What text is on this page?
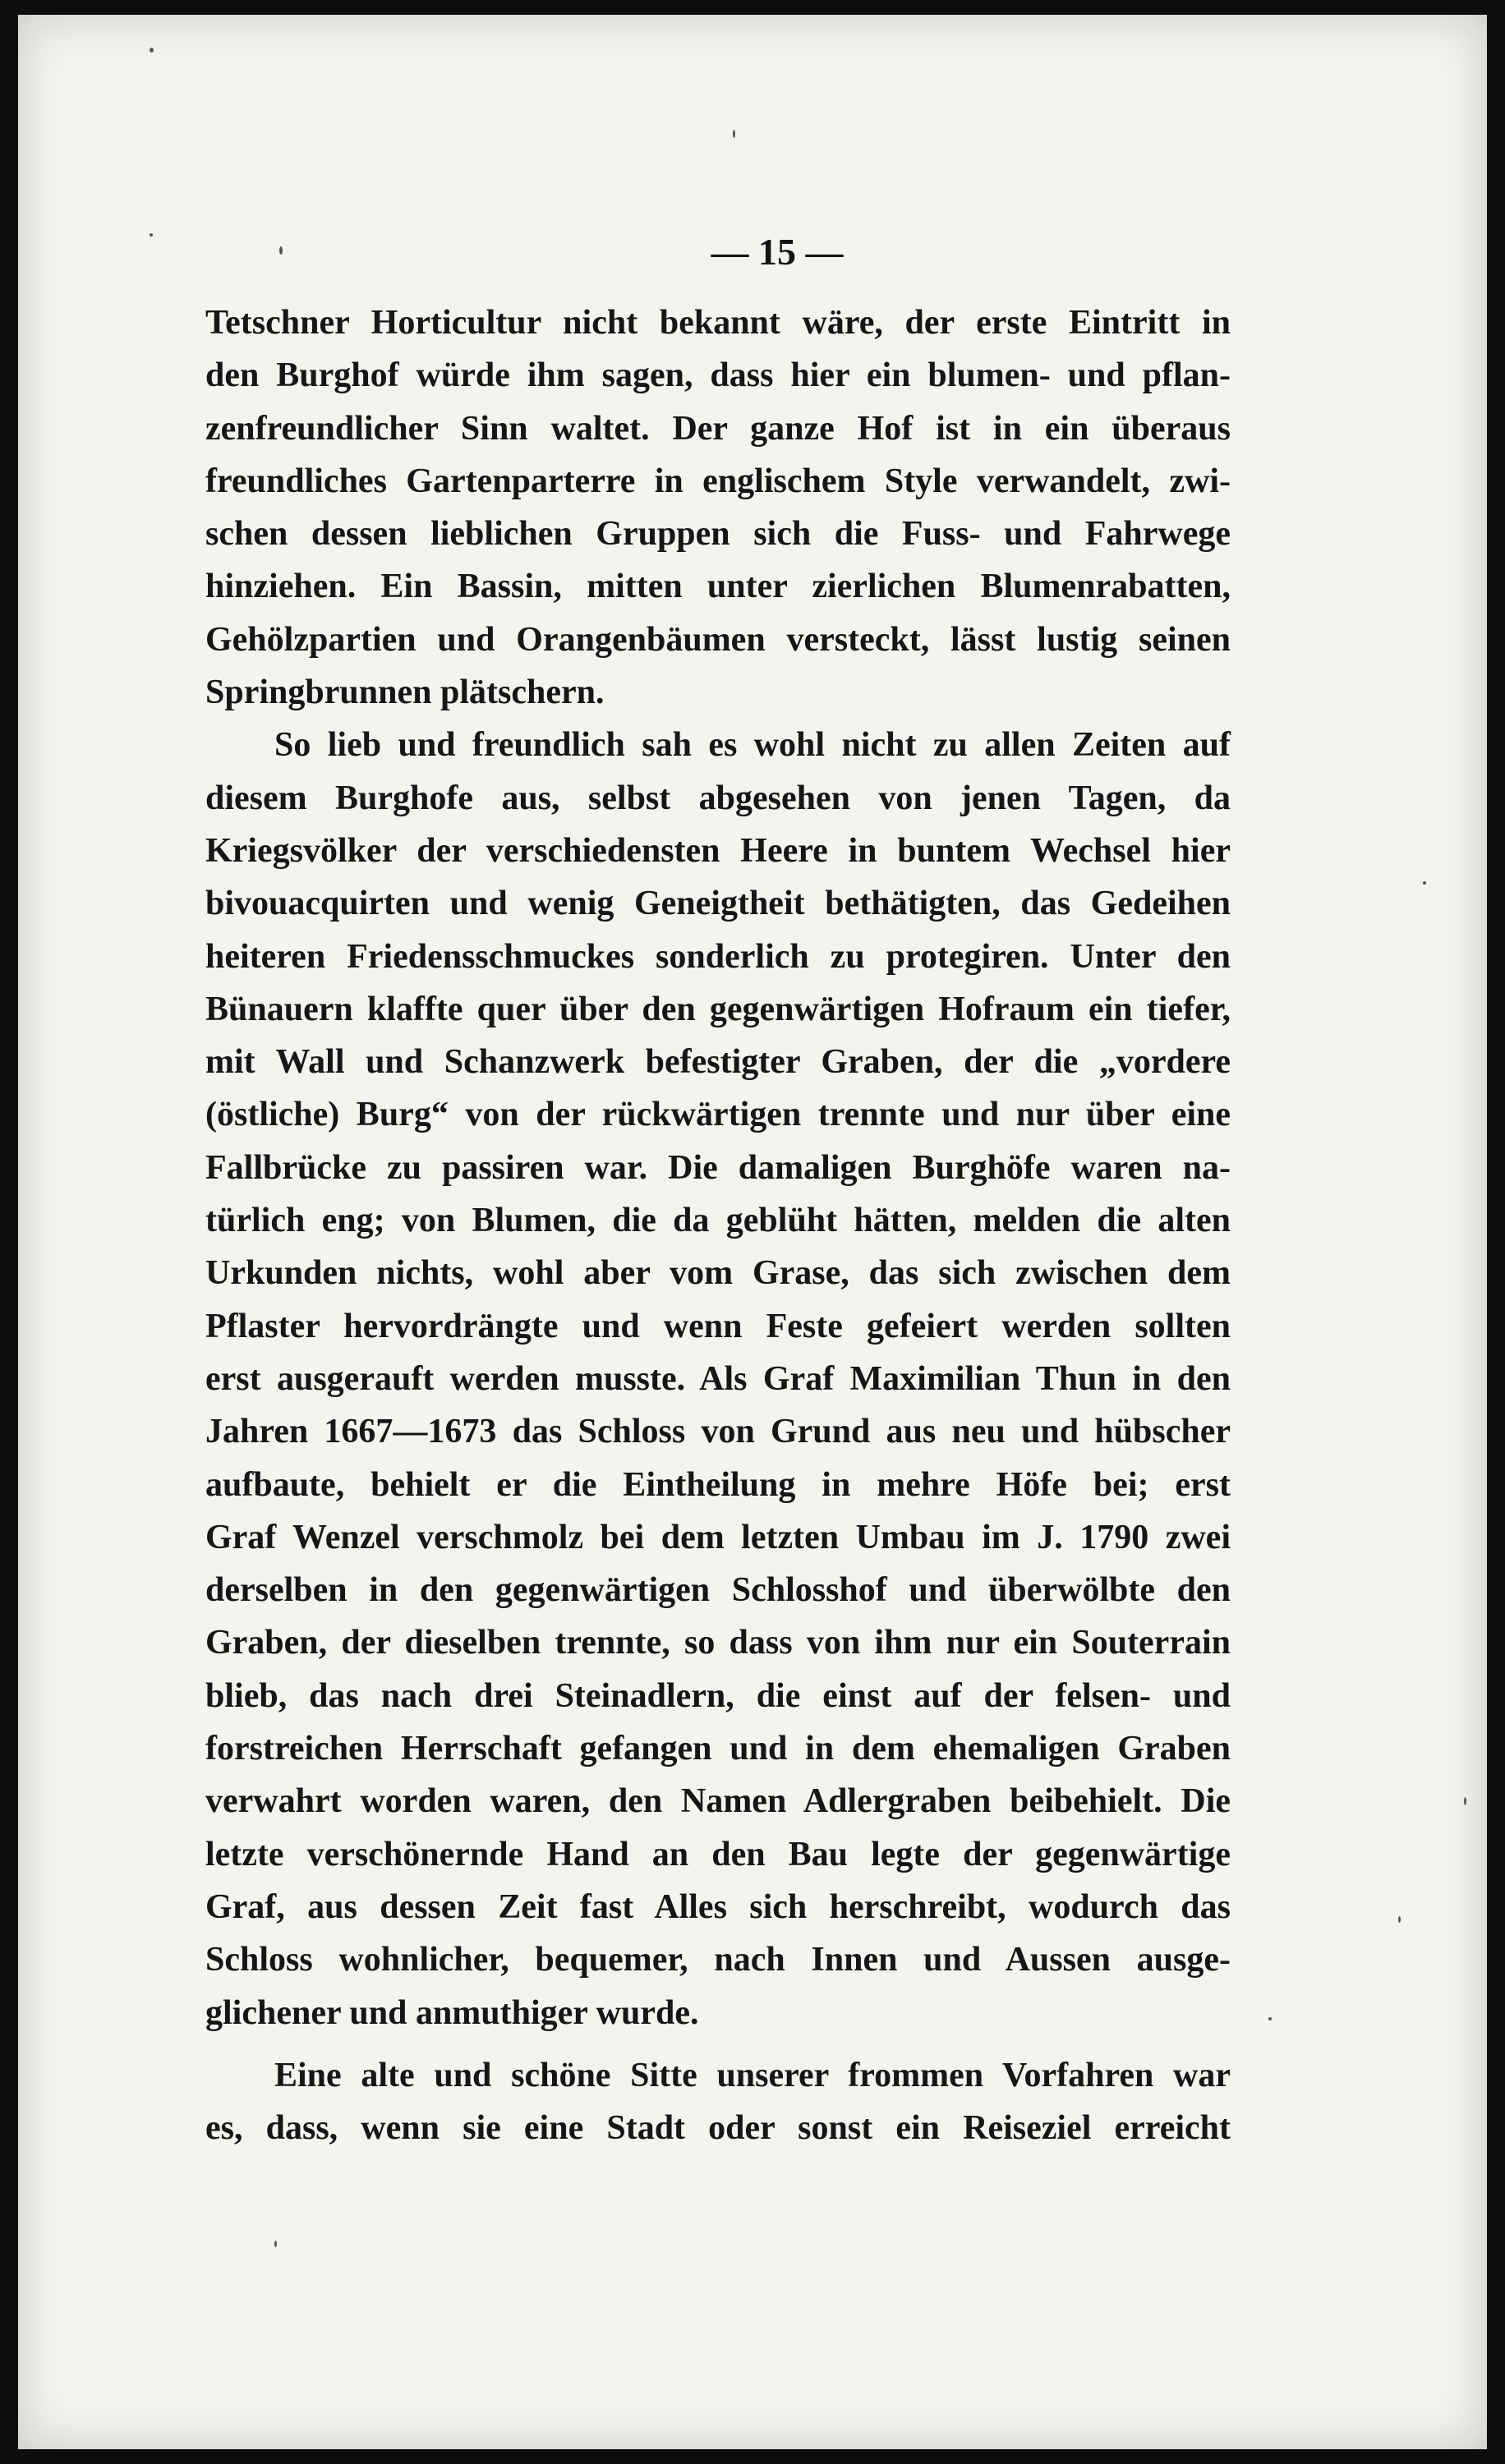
— 15 —
Tetschner Horticultur nicht bekannt wäre, der erste Eintritt in
den Burghof würde ihm sagen, dass hier ein blumen- und pflan-
zenfreundlicher Sinn waltet. Der ganze Hof ist in ein überaus
freundliches Gartenparterre in englischem Style verwandelt, zwi-
schen dessen lieblichen Gruppen sich die Fuss- und Fahrwege
hinziehen. Ein Bassin, mitten unter zierlichen Blumenrabatten,
Gehölzpartien und Orangenbäumen versteckt, lässt lustig seinen
Springbrunnen plätschern.
So lieb und freundlich sah es wohl nicht zu allen Zeiten auf
diesem Burghofe aus, selbst abgesehen von jenen Tagen, da
Kriegsvölker der verschiedensten Heere in buntem Wechsel hier
bivouacquirten und wenig Geneigtheit bethätigten, das Gedeihen
heiteren Friedensschmuckes sonderlich zu protegiren. Unter den
Bünauern klaffte quer über den gegenwärtigen Hofraum ein tiefer,
mit Wall und Schanzwerk befestigter Graben, der die „vordere
(östliche) Burg“ von der rückwärtigen trennte und nur über eine
Fallbrücke zu passiren war. Die damaligen Burghöfe waren na-
türlich eng; von Blumen, die da geblüht hätten, melden die alten
Urkunden nichts, wohl aber vom Grase, das sich zwischen dem
Pflaster hervordrängte und wenn Feste gefeiert werden sollten
erst ausgerauft werden musste. Als Graf Maximilian Thun in den
Jahren 1667—1673 das Schloss von Grund aus neu und hübscher
aufbaute, behielt er die Eintheilung in mehre Höfe bei; erst
Graf Wenzel verschmolz bei dem letzten Umbau im J. 1790 zwei
derselben in den gegenwärtigen Schlosshof und überwölbte den
Graben, der dieselben trennte, so dass von ihm nur ein Souterrain
blieb, das nach drei Steinadlern, die einst auf der felsen- und
forstreichen Herrschaft gefangen und in dem ehemaligen Graben
verwahrt worden waren, den Namen Adlergraben beibehielt. Die
letzte verschönernde Hand an den Bau legte der gegenwärtige
Graf, aus dessen Zeit fast Alles sich herschreibt, wodurch das
Schloss wohnlicher, bequemer, nach Innen und Aussen ausge-
glichener und anmuthiger wurde.
Eine alte und schöne Sitte unserer frommen Vorfahren war
es, dass, wenn sie eine Stadt oder sonst ein Reiseziel erreicht
